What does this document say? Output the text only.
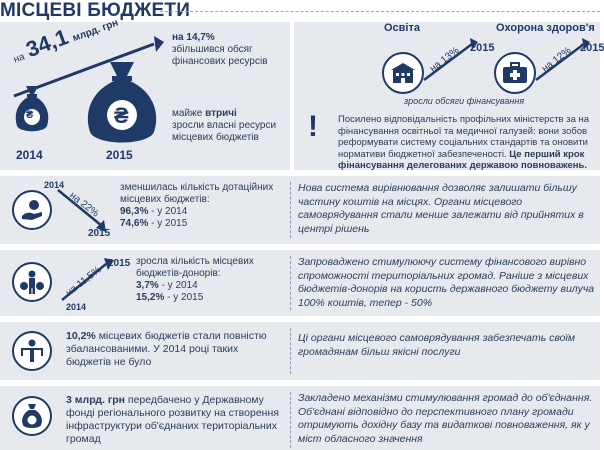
МІСЦЕВІ БЮДЖЕТИ
на 34,1 млрд. грн
₴
2014
₴
2015
на 14,7%
збільшився обсяг фінансових ресурсів
майже втричі
зросли власні ресурси місцевих бюджетів
Освіта	Охорона здоров'я
на 13% 2015	на 12% 2015
зросли обсяги фінансування
! Посилено відповідальність профільних міністерств за на фінансування освітньої та медичної галузей: вони зобов реформувати систему соціальних стандартів та оновити нормативи бюджетної забезпеченості. Це перший крок фінансування делегованих державою повноважень.
2014
на 22%
2015
зменшилась кількість дотаційних місцевих бюджетів:
96,3% - у 2014
74,6% - у 2015
Нова система вирівнювання дозволяє залишати більшу частину коштів на місцях. Органи місцевого самоврядування стали менше залежати від прийнятих в центрі рішень
на 11,5%
2014
2015 зросла кількість місцевих бюджетів-донорів:
3,7% - у 2014
15,2% - у 2015
Запроваджено стимулюючу систему фінансового вирівно спроможності територіальних громад. Раніше з місцевих бюджетів-донорів на користь державного бюджету вилуча 100% коштів, тепер - 50%
10,2% місцевих бюджетів стали повністю збалансованими. У 2014 році таких бюджетів не було
Ці органи місцевого самоврядування забезпечать своїм громадянам більш якісні послуги
3 млрд. грн передбачено у Державному фонді регіонального розвитку на створення інфраструктури об'єднаних територіальних громад
Закладено механізми стимулювання громад до об'єднання. Об'єднані відповідно до перспективного плану громади отримують дохідну базу та видаткові повноваження, як у міст обласного значення
